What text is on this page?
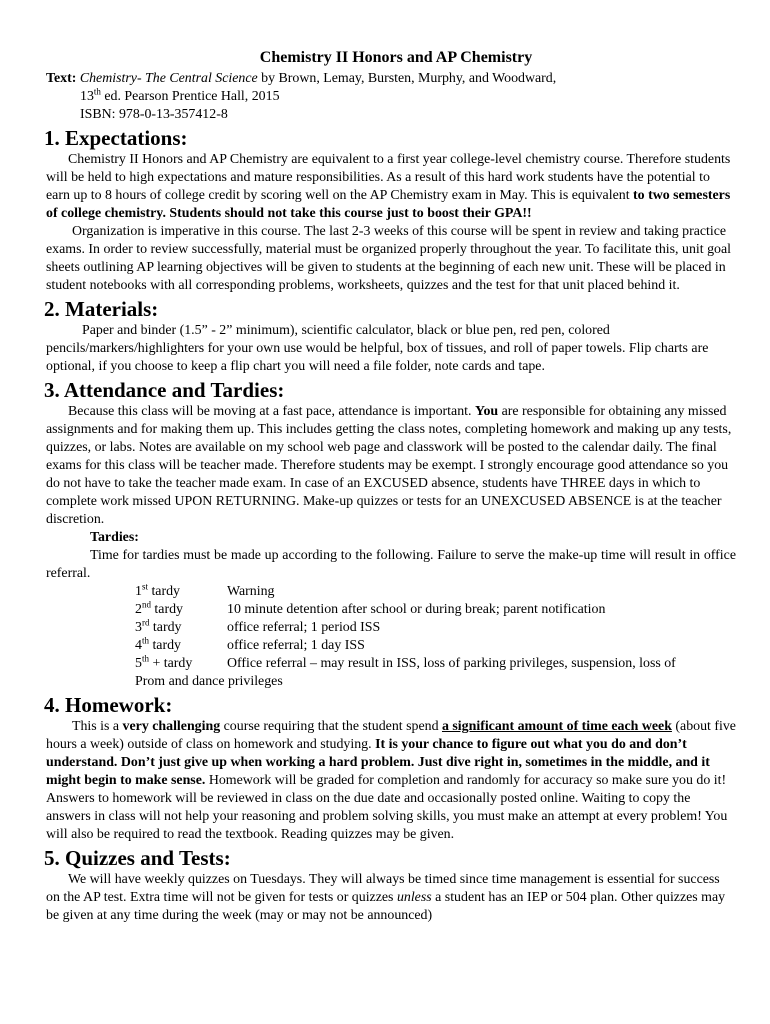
Chemistry II Honors and AP Chemistry
Text: Chemistry- The Central Science by Brown, Lemay, Bursten, Murphy, and Woodward,
13th ed. Pearson Prentice Hall, 2015
ISBN: 978-0-13-357412-8
1. Expectations:

Chemistry II Honors and AP Chemistry are equivalent to a first year college-level chemistry course. Therefore students will be held to high expectations and mature responsibilities. As a result of this hard work students have the potential to earn up to 8 hours of college credit by scoring well on the AP Chemistry exam in May. This is equivalent to two semesters of college chemistry. Students should not take this course just to boost their GPA!!

Organization is imperative in this course. The last 2-3 weeks of this course will be spent in review and taking practice exams. In order to review successfully, material must be organized properly throughout the year. To facilitate this, unit goal sheets outlining AP learning objectives will be given to students at the beginning of each new unit. These will be placed in student notebooks with all corresponding problems, worksheets, quizzes and the test for that unit placed behind it.

2. Materials:

Paper and binder (1.5” - 2” minimum), scientific calculator, black or blue pen, red pen, colored pencils/markers/highlighters for your own use would be helpful, box of tissues, and roll of paper towels. Flip charts are optional, if you choose to keep a flip chart you will need a file folder, note cards and tape.

3. Attendance and Tardies:

Because this class will be moving at a fast pace, attendance is important. You are responsible for obtaining any missed assignments and for making them up. This includes getting the class notes, completing homework and making up any tests, quizzes, or labs. Notes are available on my school web page and classwork will be posted to the calendar daily. The final exams for this class will be teacher made. Therefore students may be exempt. I strongly encourage good attendance so you do not have to take the teacher made exam. In case of an EXCUSED absence, students have THREE days in which to complete work missed UPON RETURNING. Make-up quizzes or tests for an UNEXCUSED ABSENCE is at the teacher discretion.

Tardies:

Time for tardies must be made up according to the following. Failure to serve the make-up time will result in office referral.

1st tardy	Warning
2nd tardy	10 minute detention after school or during break; parent notification
3rd tardy	office referral; 1 period ISS
4th tardy	office referral; 1 day ISS
5th + tardy	Office referral – may result in ISS, loss of parking privileges, suspension, loss of
Prom and dance privileges
4. Homework:

This is a very challenging course requiring that the student spend a significant amount of time each week (about five hours a week) outside of class on homework and studying. It is your chance to figure out what you do and don’t understand. Don’t just give up when working a hard problem. Just dive right in, sometimes in the middle, and it might begin to make sense. Homework will be graded for completion and randomly for accuracy so make sure you do it! Answers to homework will be reviewed in class on the due date and occasionally posted online. Waiting to copy the answers in class will not help your reasoning and problem solving skills, you must make an attempt at every problem! You will also be required to read the textbook. Reading quizzes may be given.

5. Quizzes and Tests:

We will have weekly quizzes on Tuesdays. They will always be timed since time management is essential for success on the AP test. Extra time will not be given for tests or quizzes unless a student has an IEP or 504 plan. Other quizzes may be given at any time during the week (may or may not be announced)
